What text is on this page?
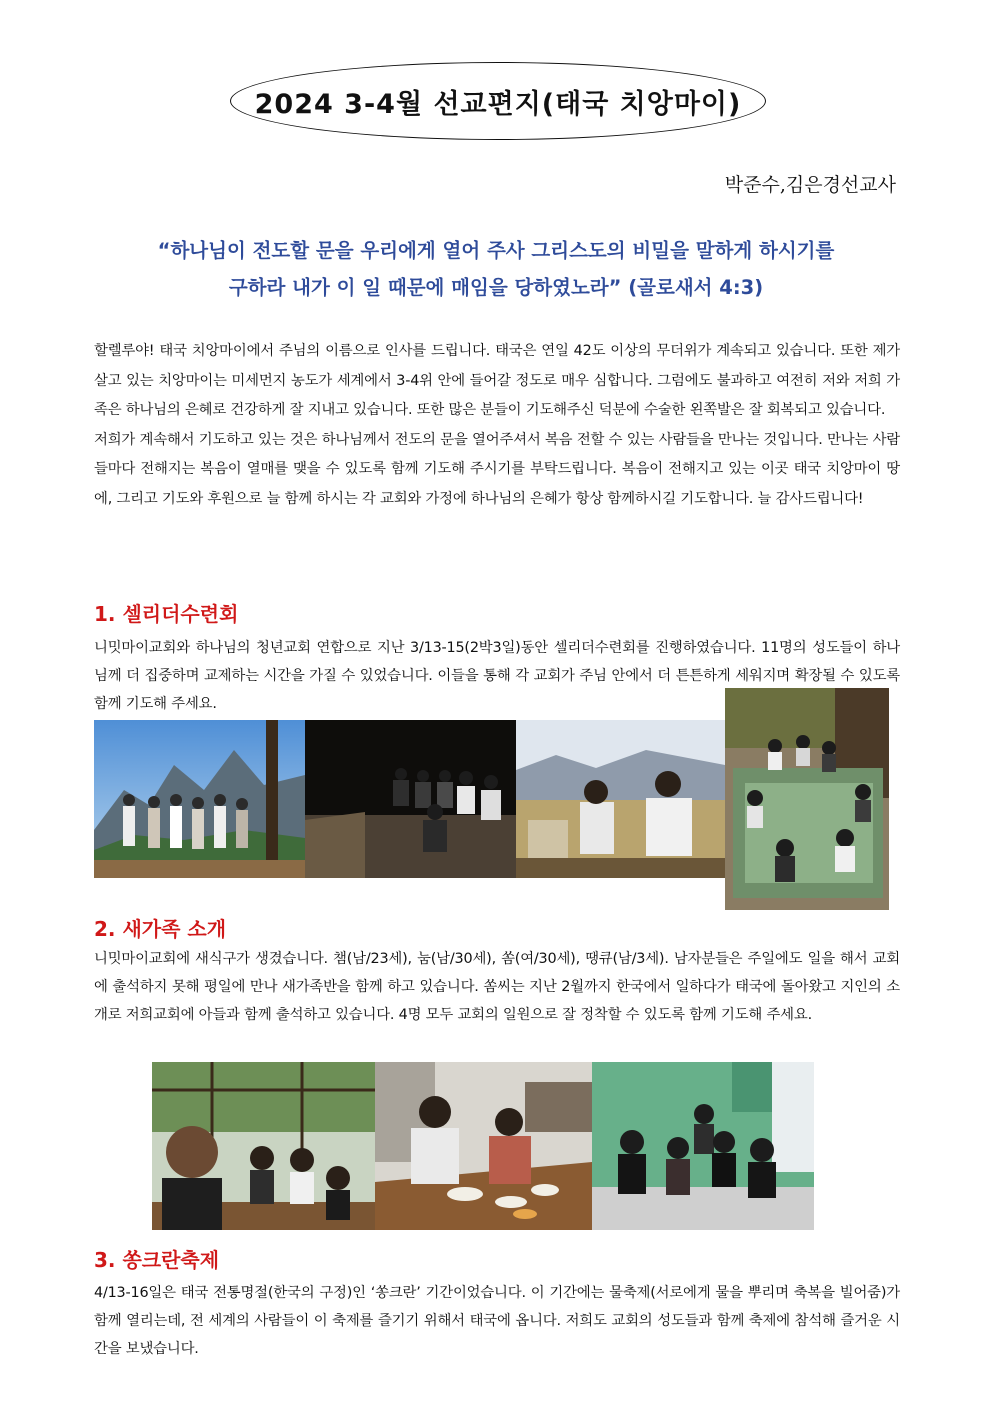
2024 3-4월 선교편지(태국 치앙마이)
박준수,김은경선교사
“하나님이 전도할 문을 우리에게 열어 주사 그리스도의 비밀을 말하게 하시기를
구하라 내가 이 일 때문에 매임을 당하였노라” (골로새서 4:3)

할렐루야! 태국 치앙마이에서 주님의 이름으로 인사를 드립니다. 태국은 연일 42도 이상의 무더위가 계속되고 있습니다. 또한 제가 살고 있는 치앙마이는 미세먼지 농도가 세계에서 3-4위 안에 들어갈 정도로 매우 심합니다. 그럼에도 불과하고 여전히 저와 저희 가족은 하나님의 은혜로 건강하게 잘 지내고 있습니다. 또한 많은 분들이 기도해주신 덕분에 수술한 왼쪽발은 잘 회복되고 있습니다.

저희가 계속해서 기도하고 있는 것은 하나님께서 전도의 문을 열어주셔서 복음 전할 수 있는 사람들을 만나는 것입니다. 만나는 사람들마다 전해지는 복음이 열매를 맺을 수 있도록 함께 기도해 주시기를 부탁드립니다. 복음이 전해지고 있는 이곳 태국 치앙마이 땅에, 그리고 기도와 후원으로 늘 함께 하시는 각 교회와 가정에 하나님의 은혜가 항상 함께하시길 기도합니다. 늘 감사드립니다!

1. 셀리더수련회
니밋마이교회와 하나님의 청년교회 연합으로 지난 3/13-15(2박3일)동안 셀리더수련회를 진행하였습니다. 11명의 성도들이 하나님께 더 집중하며 교제하는 시간을 가질 수 있었습니다. 이들을 통해 각 교회가 주님 안에서 더 튼튼하게 세워지며 확장될 수 있도록 함께 기도해 주세요.
2. 새가족 소개
니밋마이교회에 새식구가 생겼습니다. 챔(남/23세), 눔(남/30세), 쏨(여/30세), 땡큐(남/3세). 남자분들은 주일에도 일을 해서 교회에 출석하지 못해 평일에 만나 새가족반을 함께 하고 있습니다. 쏨씨는 지난 2월까지 한국에서 일하다가 태국에 돌아왔고 지인의 소개로 저희교회에 아들과 함께 출석하고 있습니다. 4명 모두 교회의 일원으로 잘 정착할 수 있도록 함께 기도해 주세요.
3. 쏭크란축제
4/13-16일은 태국 전통명절(한국의 구정)인 ‘쏭크란’ 기간이었습니다. 이 기간에는 물축제(서로에게 물을 뿌리며 축복을 빌어줌)가 함께 열리는데, 전 세계의 사람들이 이 축제를 즐기기 위해서 태국에 옵니다. 저희도 교회의 성도들과 함께 축제에 참석해 즐거운 시간을 보냈습니다.
